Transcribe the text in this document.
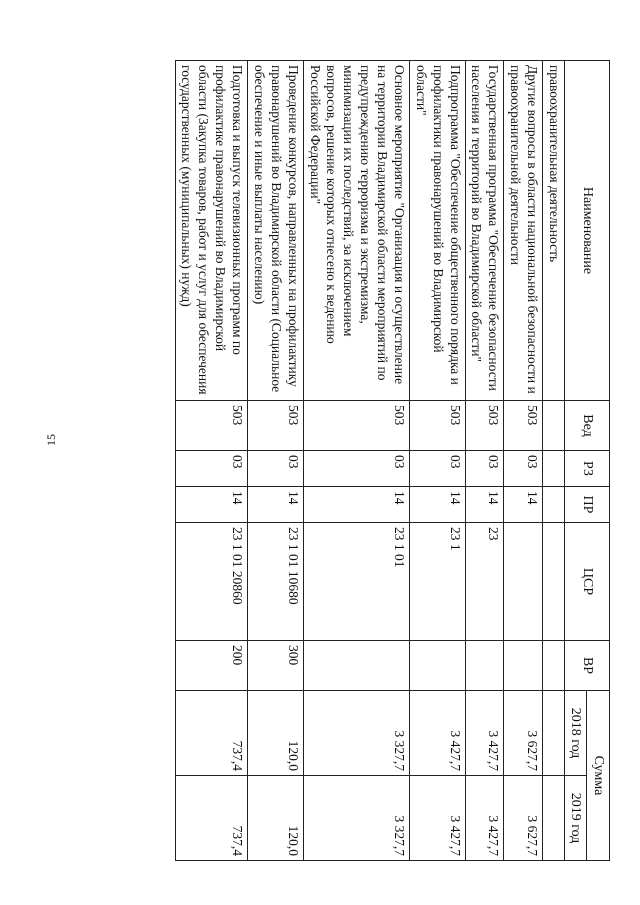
15
Наименование	Вед	РЗ	ПР	ЦСР	ВР	Сумма	
						2018 год	2019 год
правоохранительная деятельность							
Другие вопросы в области национальной безопасности и правоохранительной деятельности	503	03	14			3 627,7	3 627,7
Государственная программа "Обеспечение безопасности населения и территорий во Владимирской области"	503	03	14	23		3 427,7	3 427,7
Подпрограмма "Обеспечение общественного порядка и профилактики правонарушений во Владимирской области"	503	03	14	23 1		3 427,7	3 427,7
Основное мероприятие "Организация и осуществление на территории Владимирской области мероприятий по предупреждению терроризма и экстремизма, минимизации их последствий, за исключением вопросов, решение которых отнесено к ведению Российской Федерации"	503	03	14	23 1 01		3 327,7	3 327,7
Проведение конкурсов, направленных на профилактику правонарушений во Владимирской области (Социальное обеспечение и иные выплаты населению)	503	03	14	23 1 01 10680	300	120,0	120,0
Подготовка и выпуск телевизионных программ по профилактике правонарушений во Владимирской области (Закупка товаров, работ и услуг для обеспечения государственных (муниципальных) нужд)	503	03	14	23 1 01 20860	200	737,4	737,4
